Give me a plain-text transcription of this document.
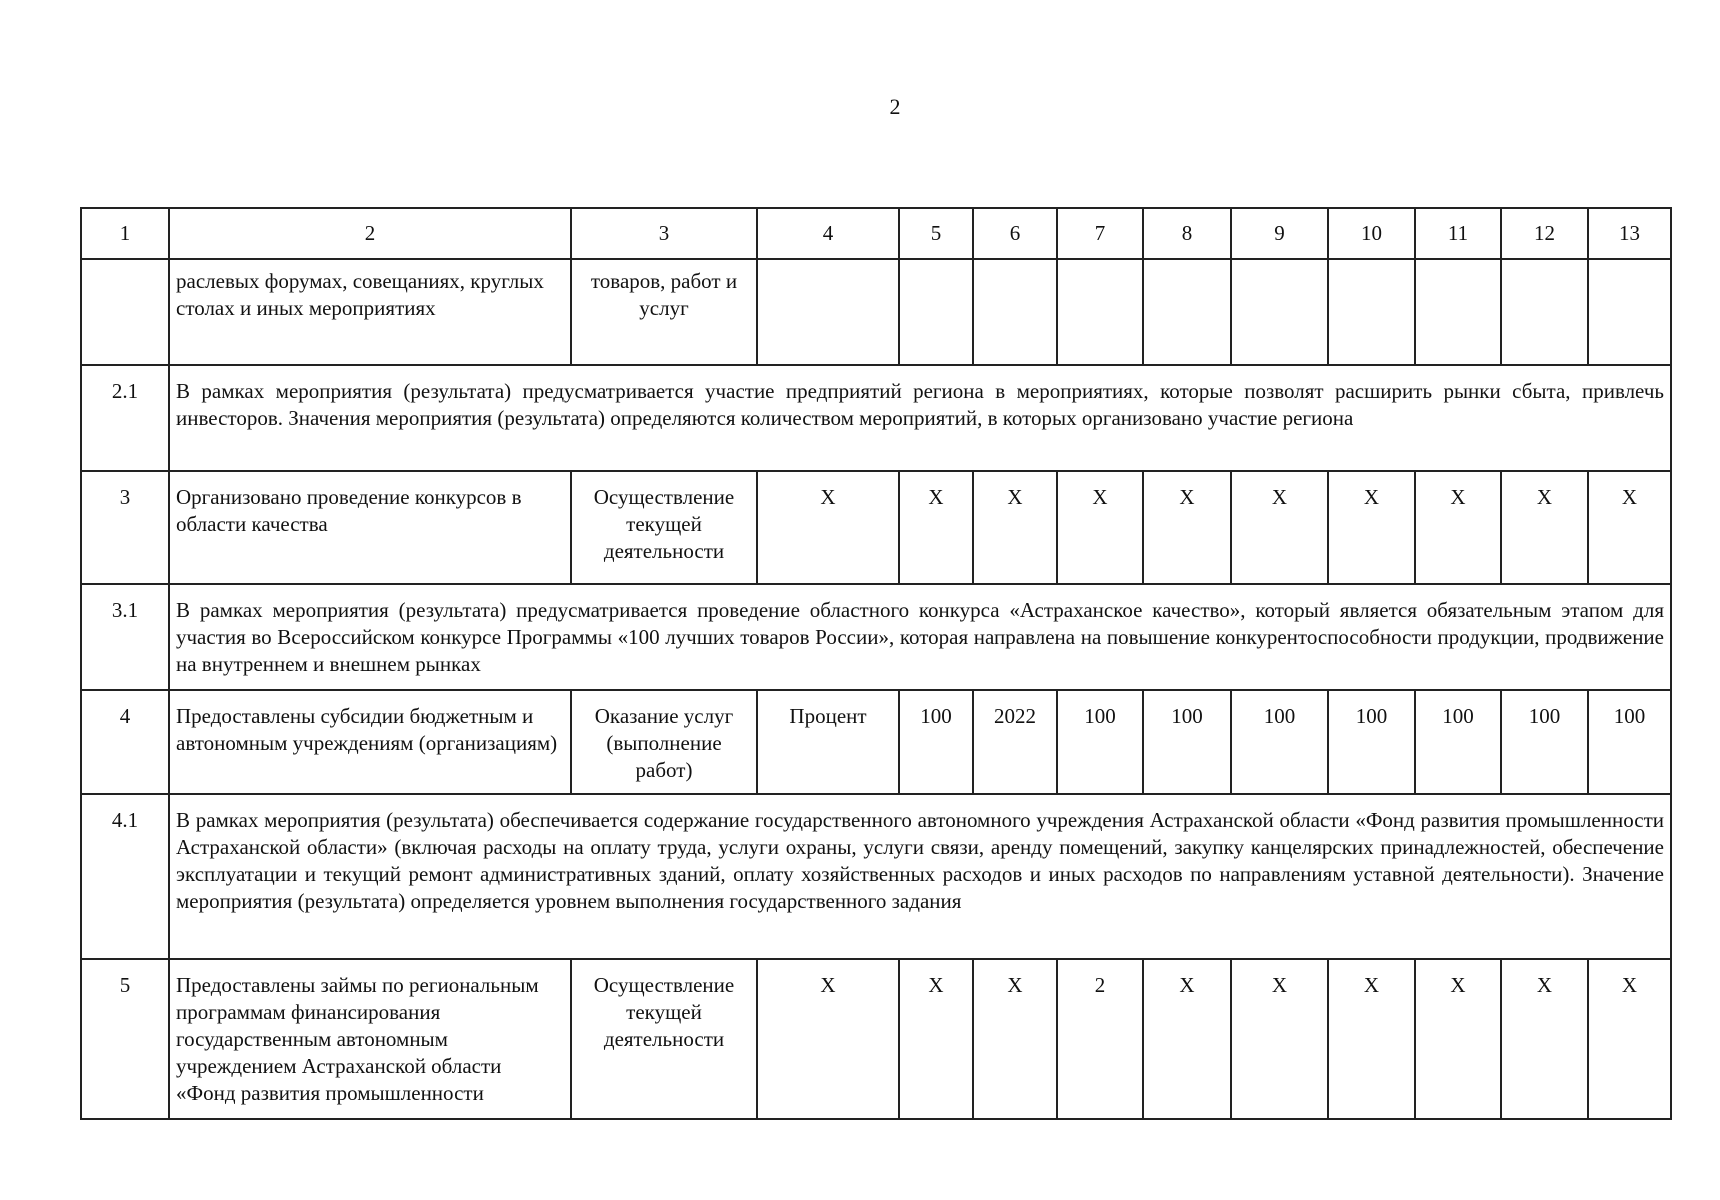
2
1	2	3	4	5	6	7	8	9	10	11	12	13
	раслевых форумах, совещаниях, круглых столах и иных мероприятиях	товаров, работ и услуг										
2.1	В рамках мероприятия (результата) предусматривается участие предприятий региона в мероприятиях, которые позволят расширить рынки сбыта, привлечь инвесторов. Значения мероприятия (результата) определяются количеством мероприятий, в которых организовано участие региона											
3	Организовано проведение конкурсов в области качества	Осуществление текущей деятельности	Х	Х	Х	Х	Х	Х	Х	Х	Х	Х
3.1	В рамках мероприятия (результата) предусматривается проведение областного конкурса «Астраханское качество», который является обязательным этапом для участия во Всероссийском конкурсе Программы «100 лучших товаров России», которая направлена на повышение конкурентоспособности продукции, продвижение на внутреннем и внешнем рынках											
4	Предоставлены субсидии бюджетным и автономным учреждениям (организациям)	Оказание услуг (выполнение работ)	Процент	100	2022	100	100	100	100	100	100	100
4.1	В рамках мероприятия (результата) обеспечивается содержание государственного автономного учреждения Астраханской области «Фонд развития промышленности Астраханской области» (включая расходы на оплату труда, услуги охраны, услуги связи, аренду помещений, закупку канцелярских принадлежностей, обеспечение эксплуатации и текущий ремонт административных зданий, оплату хозяйственных расходов и иных расходов по направлениям уставной деятельности). Значение мероприятия (результата) определяется уровнем выполнения государственного задания											
5	Предоставлены займы по региональным программам финансирования государственным автономным учреждением Астраханской области «Фонд развития промышленности	Осуществление текущей деятельности	Х	Х	Х	2	Х	Х	Х	Х	Х	Х
